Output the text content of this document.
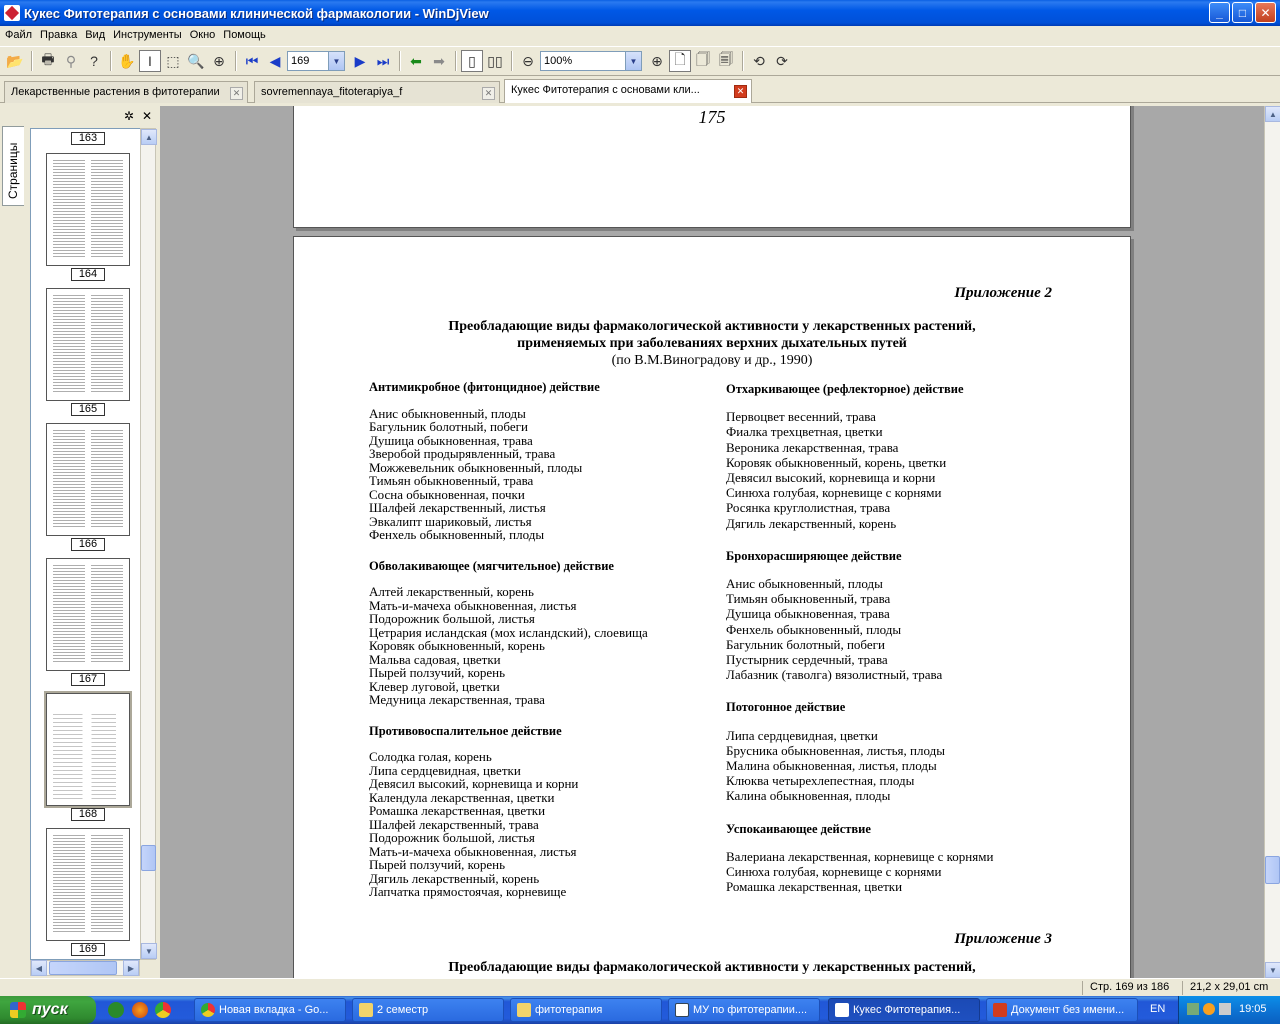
Кукес Фитотерапия с основами клинической фармакологии - WinDjView	_	□	✕
Файл Правка Вид Инструменты Окно Помощь
📂	🖶 ⚲ ?	✋ I	⬚ 🔍 ⊕	⏮ ◀ 169	▼	▶ ⏭	⬅ ➡	▯ ▯▯	⊖ 100%	▼ ⊕ 🗋 🗍 🗐	⟲ ⟳
Лекарственные растения в фитотерапии	✕	sovremennaya_fitoterapiya_f	✕	Кукес Фитотерапия с основами кли...	✕
Страницы
✲ ✕
163
164
165
166
167
168
169
▲
▼
◀	▶
175
Приложение 2
Преобладающие виды фармакологической активности у лекарственных растений,
применяемых при заболеваниях верхних дыхательных путей
(по В.М.Виноградову и др., 1990)
Антимикробное (фитонцидное) действие
Анис обыкновенный, плоды
Багульник болотный, побеги
Душица обыкновенная, трава
Зверобой продырявленный, трава
Можжевельник обыкновенный, плоды
Тимьян обыкновенный, трава
Сосна обыкновенная, почки
Шалфей лекарственный, листья
Эвкалипт шариковый, листья
Фенхель обыкновенный, плоды
Обволакивающее (мягчительное) действие
Алтей лекарственный, корень
Мать-и-мачеха обыкновенная, листья
Подорожник большой, листья
Цетрария исландская (мох исландский), слоевища
Коровяк обыкновенный, корень
Мальва садовая, цветки
Пырей ползучий, корень
Клевер луговой, цветки
Медуница лекарственная, трава
Противовоспалительное действие
Солодка голая, корень
Липа сердцевидная, цветки
Девясил высокий, корневища и корни
Календула лекарственная, цветки
Ромашка лекарственная, цветки
Шалфей лекарственный, трава
Подорожник большой, листья
Мать-и-мачеха обыкновенная, листья
Пырей ползучий, корень
Дягиль лекарственный, корень
Лапчатка прямостоячая, корневище
Отхаркивающее (рефлекторное) действие
Первоцвет весенний, трава
Фиалка трехцветная, цветки
Вероника лекарственная, трава
Коровяк обыкновенный, корень, цветки
Девясил высокий, корневища и корни
Синюха голубая, корневище с корнями
Росянка круглолистная, трава
Дягиль лекарственный, корень
Бронхорасширяющее действие
Анис обыкновенный, плоды
Тимьян обыкновенный, трава
Душица обыкновенная, трава
Фенхель обыкновенный, плоды
Багульник болотный, побеги
Пустырник сердечный, трава
Лабазник (таволга) вязолистный, трава
Потогонное действие
Липа сердцевидная, цветки
Брусника обыкновенная, листья, плоды
Малина обыкновенная, листья, плоды
Клюква четырехлепестная, плоды
Калина обыкновенная, плоды
Успокаивающее действие
Валериана лекарственная, корневище с корнями
Синюха голубая, корневище с корнями
Ромашка лекарственная, цветки
Приложение 3
Преобладающие виды фармакологической активности у лекарственных растений,
▲
▼
Стр. 169 из 186 21,2 x 29,01 cm
пуск	Новая вкладка - Go...	2 семестр	фитотерапия	МУ по фитотерапии....	Кукес Фитотерапия...	Документ без имени...	EN	19:05
